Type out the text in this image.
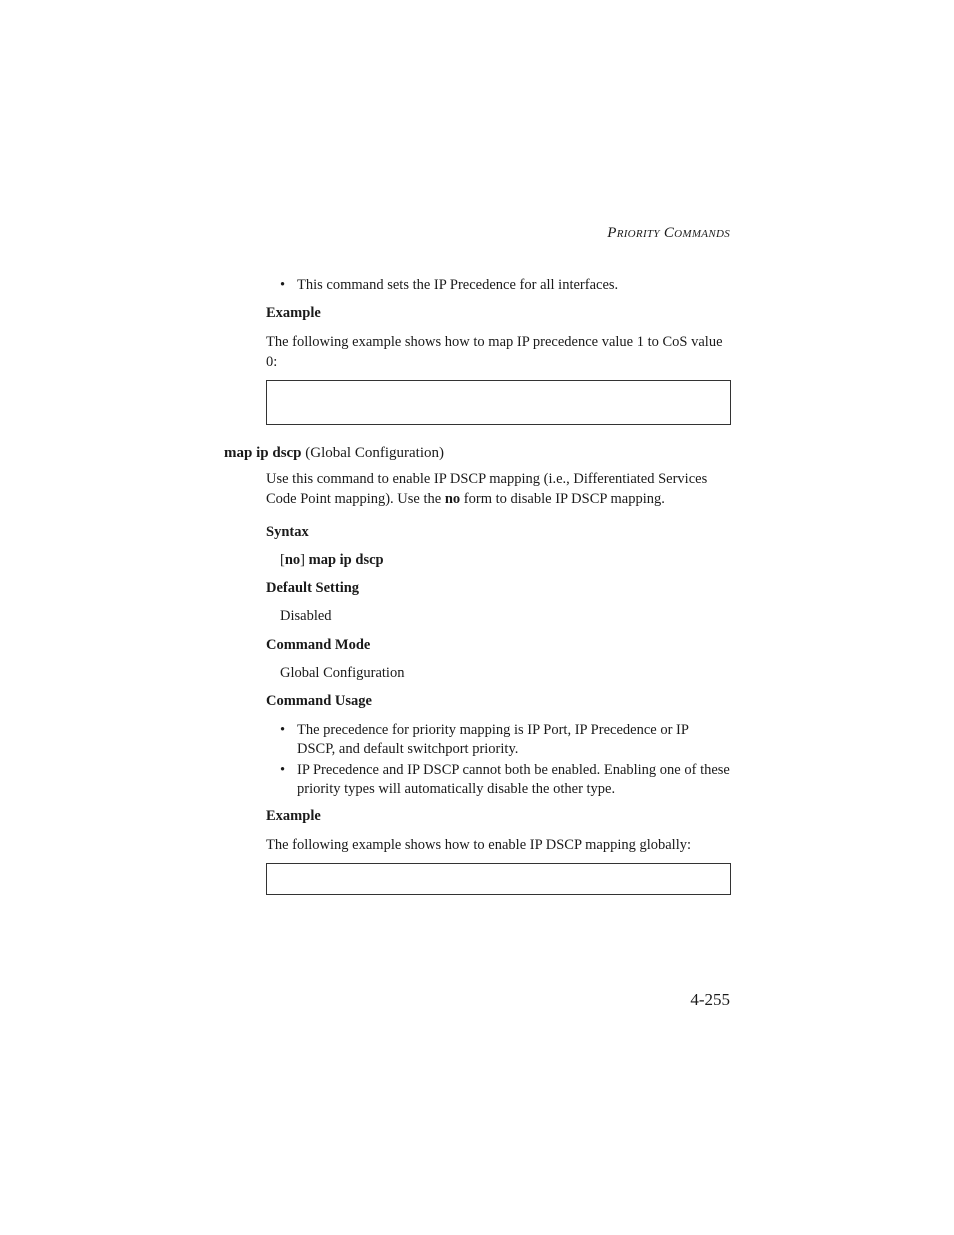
PRIORITY COMMANDS
• This command sets the IP Precedence for all interfaces.
Example
The following example shows how to map IP precedence value 1 to CoS value 0:
map ip dscp (Global Configuration)
Use this command to enable IP DSCP mapping (i.e., Differentiated Services Code Point mapping). Use the no form to disable IP DSCP mapping.
Syntax
[no] map ip dscp
Default Setting
Disabled
Command Mode
Global Configuration
Command Usage
• The precedence for priority mapping is IP Port, IP Precedence or IP DSCP, and default switchport priority.
• IP Precedence and IP DSCP cannot both be enabled. Enabling one of these priority types will automatically disable the other type.
Example
The following example shows how to enable IP DSCP mapping globally:
4-255
